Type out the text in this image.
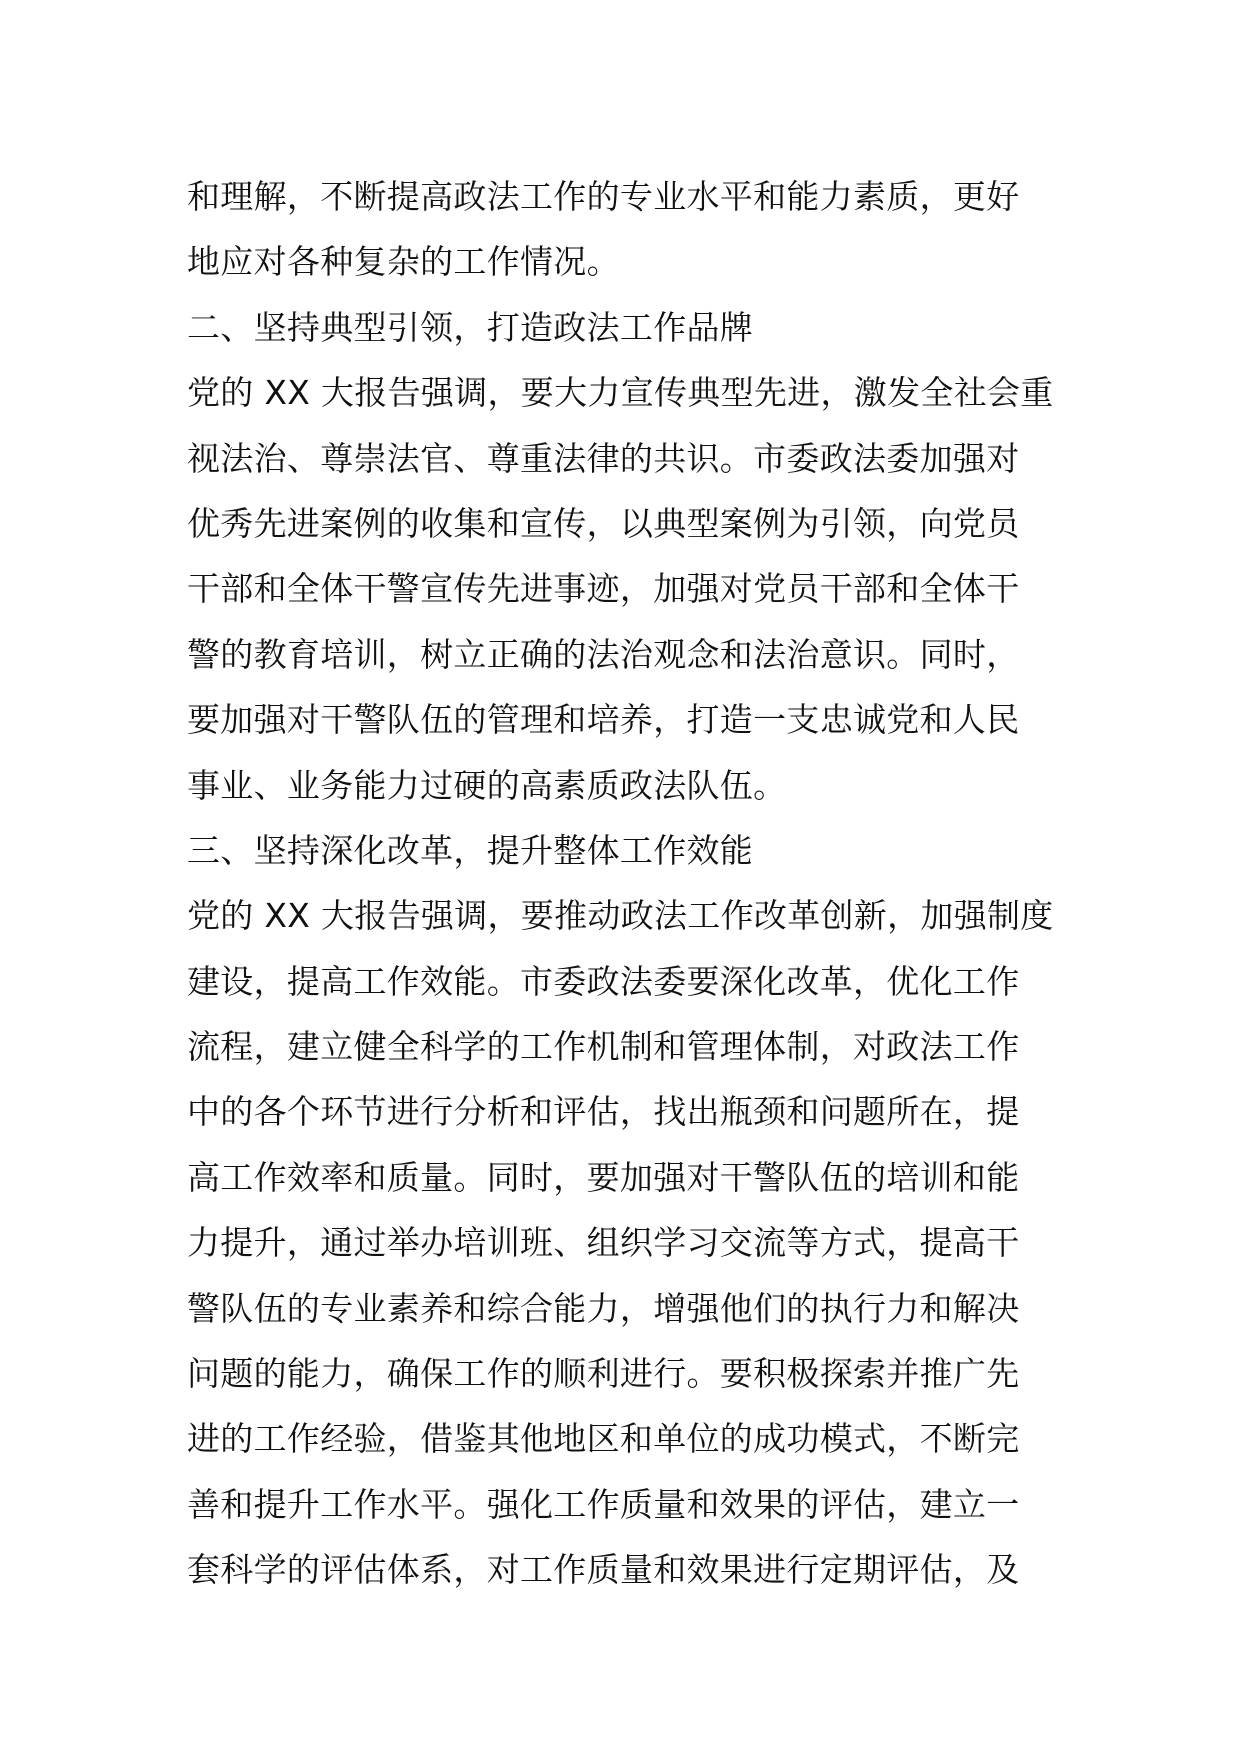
和理解，不断提高政法工作的专业水平和能力素质，更好
地应对各种复杂的工作情况。
二、坚持典型引领，打造政法工作品牌
党的 XX 大报告强调，要大力宣传典型先进，激发全社会重
视法治、尊崇法官、尊重法律的共识。市委政法委加强对
优秀先进案例的收集和宣传，以典型案例为引领，向党员
干部和全体干警宣传先进事迹，加强对党员干部和全体干
警的教育培训，树立正确的法治观念和法治意识。同时，
要加强对干警队伍的管理和培养，打造一支忠诚党和人民
事业、业务能力过硬的高素质政法队伍。
三、坚持深化改革，提升整体工作效能
党的 XX 大报告强调，要推动政法工作改革创新，加强制度
建设，提高工作效能。市委政法委要深化改革，优化工作
流程，建立健全科学的工作机制和管理体制，对政法工作
中的各个环节进行分析和评估，找出瓶颈和问题所在，提
高工作效率和质量。同时，要加强对干警队伍的培训和能
力提升，通过举办培训班、组织学习交流等方式，提高干
警队伍的专业素养和综合能力，增强他们的执行力和解决
问题的能力，确保工作的顺利进行。要积极探索并推广先
进的工作经验，借鉴其他地区和单位的成功模式，不断完
善和提升工作水平。强化工作质量和效果的评估，建立一
套科学的评估体系，对工作质量和效果进行定期评估，及
